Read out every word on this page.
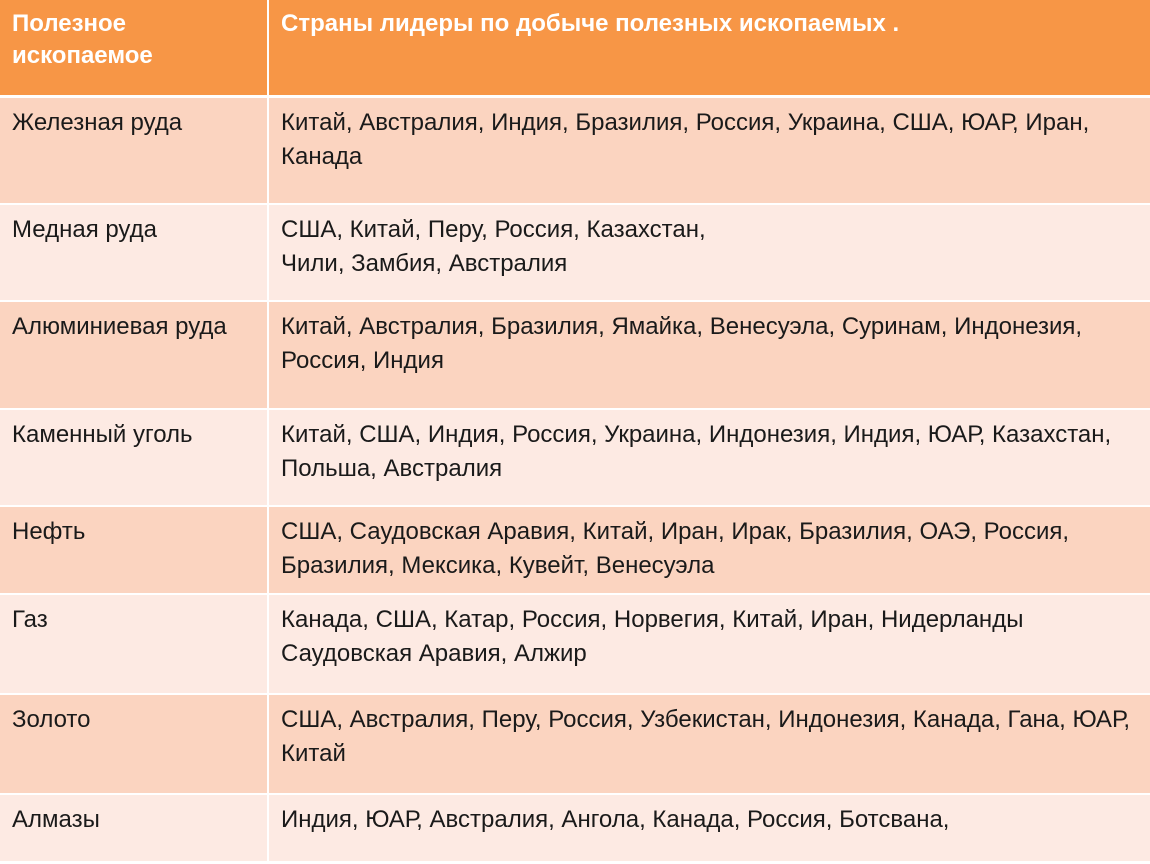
Полезное ископаемое	Страны лидеры по добыче полезных ископаемых .
Железная руда	Китай, Австралия, Индия, Бразилия, Россия, Украина, США, ЮАР, Иран, Канада
Медная руда	США, Китай, Перу, Россия, Казахстан,
Чили, Замбия, Австралия
Алюминиевая руда	Китай, Австралия, Бразилия, Ямайка, Венесуэла, Суринам, Индонезия, Россия, Индия
Каменный уголь	Китай, США, Индия, Россия, Украина, Индонезия, Индия, ЮАР, Казахстан, Польша, Австралия
Нефть	США, Саудовская Аравия, Китай, Иран, Ирак, Бразилия, ОАЭ, Россия,
Бразилия, Мексика, Кувейт, Венесуэла
Газ	Канада, США, Катар, Россия, Норвегия, Китай, Иран, Нидерланды Саудовская Аравия, Алжир
Золото	США, Австралия, Перу, Россия, Узбекистан, Индонезия, Канада, Гана, ЮАР, Китай
Алмазы	Индия, ЮАР, Австралия, Ангола, Канада, Россия, Ботсвана,
